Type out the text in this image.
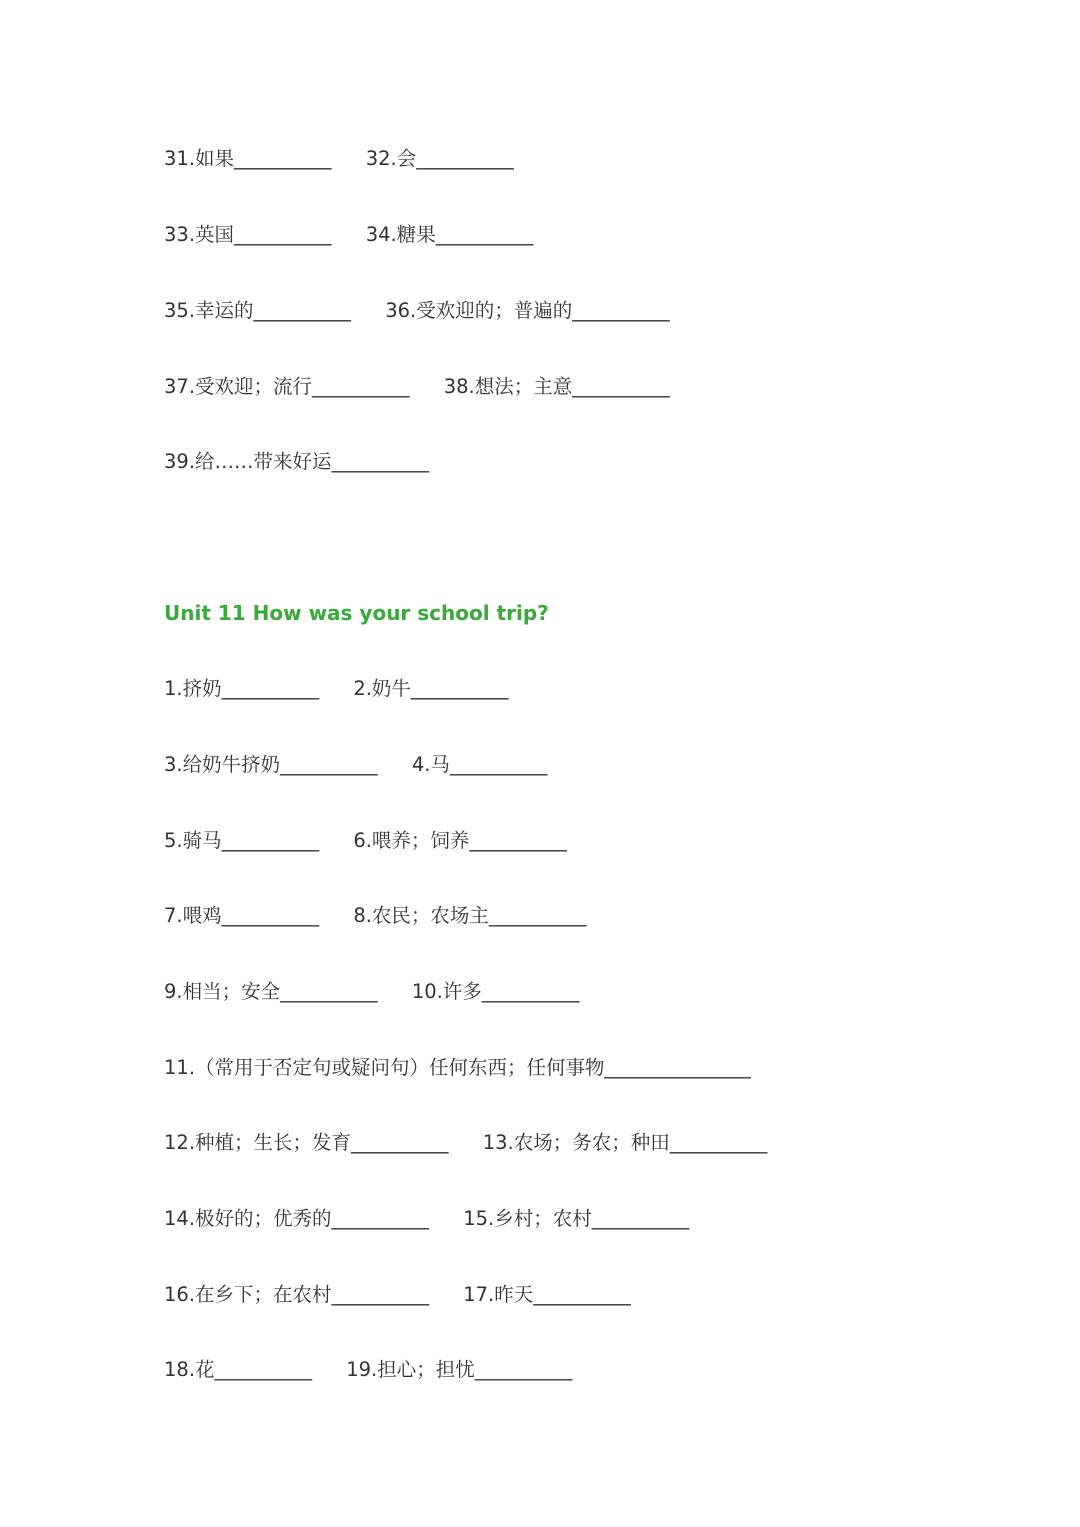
31.如果__________ 32.会__________
33.英国__________ 34.糖果__________
35.幸运的__________ 36.受欢迎的；普遍的__________
37.受欢迎；流行__________ 38.想法；主意__________
39.给……带来好运__________
Unit 11 How was your school trip?
1.挤奶__________ 2.奶牛__________
3.给奶牛挤奶__________ 4.马__________
5.骑马__________ 6.喂养；饲养__________
7.喂鸡__________ 8.农民；农场主__________
9.相当；安全__________ 10.许多__________
11.（常用于否定句或疑问句）任何东西；任何事物_______________
12.种植；生长；发育__________ 13.农场；务农；种田__________
14.极好的；优秀的__________ 15.乡村；农村__________
16.在乡下；在农村__________ 17.昨天__________
18.花__________ 19.担心；担忧__________
